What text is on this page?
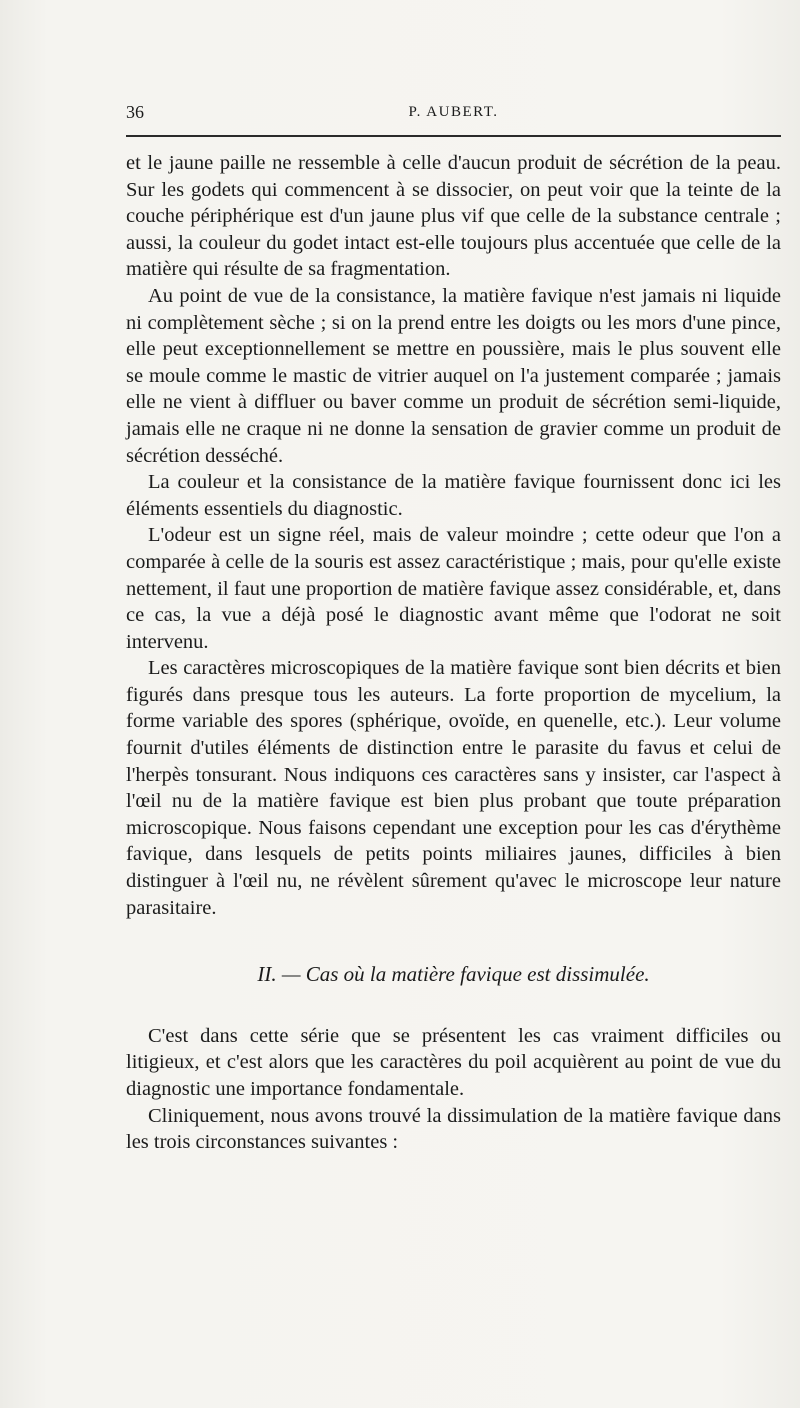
36	P. AUBERT.

et le jaune paille ne ressemble à celle d'aucun produit de sécrétion de la peau. Sur les godets qui commencent à se dissocier, on peut voir que la teinte de la couche périphérique est d'un jaune plus vif que celle de la substance centrale ; aussi, la couleur du godet intact est-elle toujours plus accentuée que celle de la matière qui résulte de sa fragmentation.

Au point de vue de la consistance, la matière favique n'est jamais ni liquide ni complètement sèche ; si on la prend entre les doigts ou les mors d'une pince, elle peut exceptionnellement se mettre en poussière, mais le plus souvent elle se moule comme le mastic de vitrier auquel on l'a justement comparée ; jamais elle ne vient à diffluer ou baver comme un produit de sécrétion semi-liquide, jamais elle ne craque ni ne donne la sensation de gravier comme un produit de sécrétion desséché.

La couleur et la consistance de la matière favique fournissent donc ici les éléments essentiels du diagnostic.

L'odeur est un signe réel, mais de valeur moindre ; cette odeur que l'on a comparée à celle de la souris est assez caractéristique ; mais, pour qu'elle existe nettement, il faut une proportion de matière favique assez considérable, et, dans ce cas, la vue a déjà posé le diagnostic avant même que l'odorat ne soit intervenu.

Les caractères microscopiques de la matière favique sont bien décrits et bien figurés dans presque tous les auteurs. La forte proportion de mycelium, la forme variable des spores (sphérique, ovoïde, en quenelle, etc.). Leur volume fournit d'utiles éléments de distinction entre le parasite du favus et celui de l'herpès tonsurant. Nous indiquons ces caractères sans y insister, car l'aspect à l'œil nu de la matière favique est bien plus probant que toute préparation microscopique. Nous faisons cependant une exception pour les cas d'érythème favique, dans lesquels de petits points miliaires jaunes, difficiles à bien distinguer à l'œil nu, ne révèlent sûrement qu'avec le microscope leur nature parasitaire.

II. — Cas où la matière favique est dissimulée.

C'est dans cette série que se présentent les cas vraiment difficiles ou litigieux, et c'est alors que les caractères du poil acquièrent au point de vue du diagnostic une importance fondamentale.

Cliniquement, nous avons trouvé la dissimulation de la matière favique dans les trois circonstances suivantes :
